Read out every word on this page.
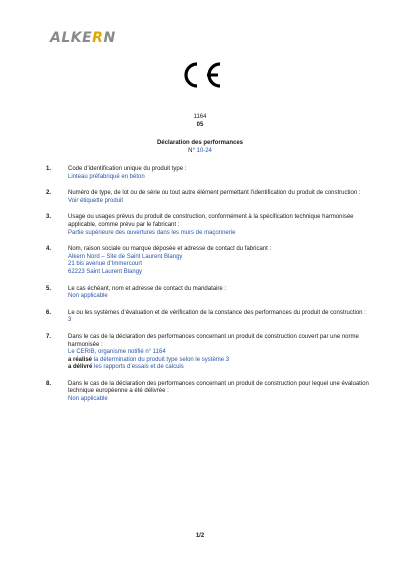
ALKERN
1164
05
Déclaration des performances
N° 10-24
1.	Code d’identification unique du produit type :
Linteau préfabriqué en béton
2.	Numéro de type, de lot ou de série ou tout autre élément permettant l’identification du produit de construction :
Voir étiquette produit
3.	Usage ou usages prévus du produit de construction, conformément à la spécification technique harmonisée applicable, comme prévu par le fabricant :
Partie supérieure des ouvertures dans les murs de maçonnerie
4.	Nom, raison sociale ou marque déposée et adresse de contact du fabricant :
Alkern Nord – Site de Saint Laurent Blangy
21 bis avenue d’Immercourt
62223 Saint Laurent Blangy
5.	Le cas échéant, nom et adresse de contact du mandataire :
Non applicable
6.	Le ou les systèmes d’évaluation et de vérification de la constance des performances du produit de construction :
3
7.	Dans le cas de la déclaration des performances concernant un produit de construction couvert par une norme harmonisée :
Le CERIB, organisme notifié n° 1164
a réalisé la détermination du produit type selon le système 3
a délivré les rapports d’essais et de calculs
8.	Dans le cas de la déclaration des performances concernant un produit de construction pour lequel une évaluation technique européenne a été délivrée :
Non applicable
1/2
